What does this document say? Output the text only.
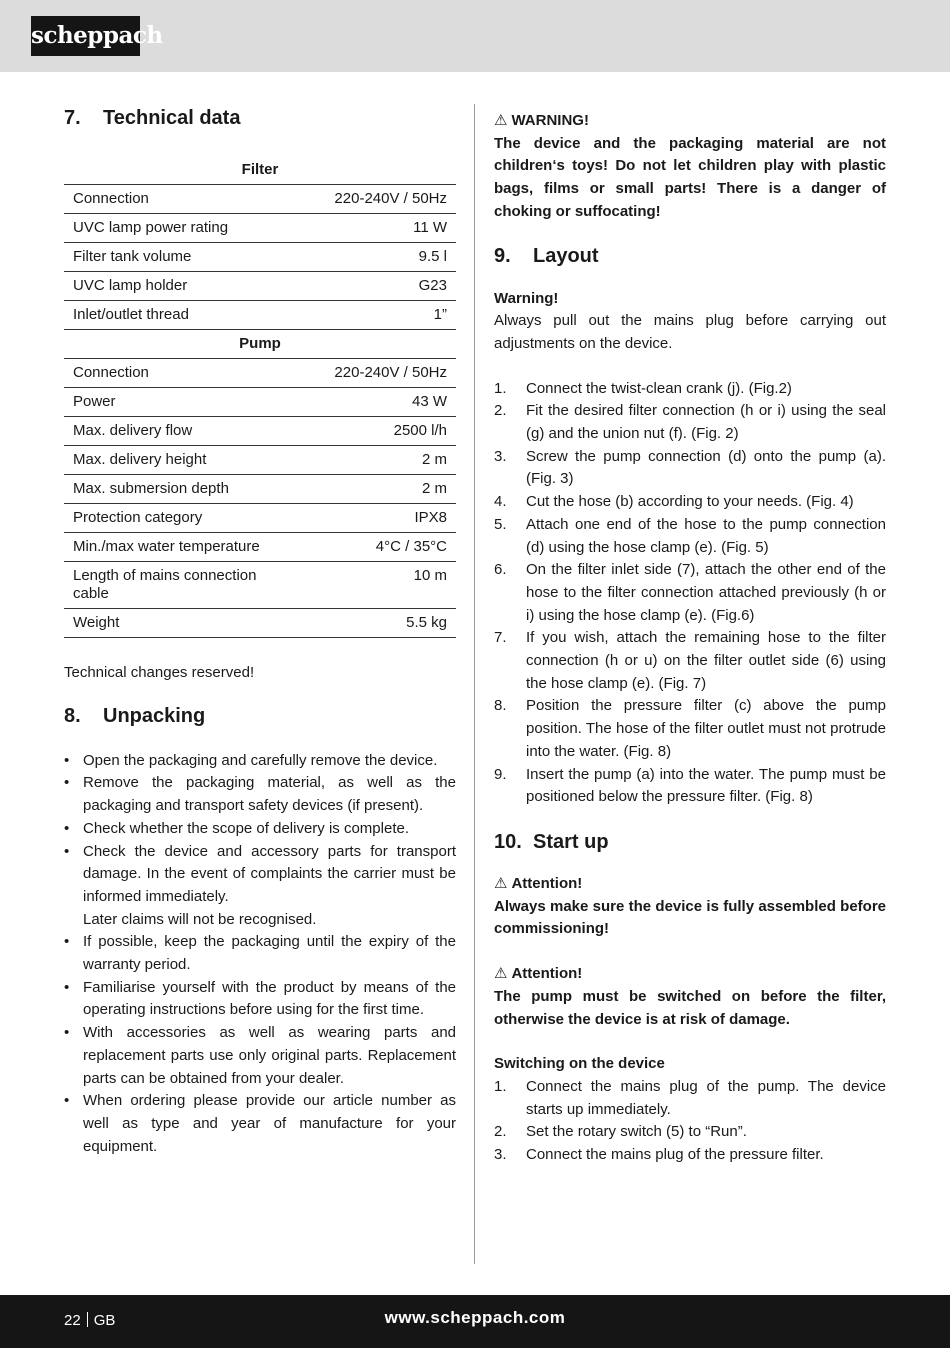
scheppach
7.	Technical data
Filter	
Connection	220-240V / 50Hz
UVC lamp power rating	11 W
Filter tank volume	9.5 l
UVC lamp holder	G23
Inlet/outlet thread	1”
Pump	
Connection	220-240V / 50Hz
Power	43 W
Max. delivery flow	2500 l/h
Max. delivery height	2 m
Max. submersion depth	2 m
Protection category	IPX8
Min./max water temperature	4°C / 35°C
Length of mains connection cable	10 m
Weight	5.5 kg

Technical changes reserved!

8.	Unpacking
• Open the packaging and carefully remove the device.
• Remove the packaging material, as well as the packaging and transport safety devices (if present).
• Check whether the scope of delivery is complete.
• Check the device and accessory parts for transport damage. In the event of complaints the carrier must be informed immediately.
Later claims will not be recognised.
• If possible, keep the packaging until the expiry of the warranty period.
• Familiarise yourself with the product by means of the operating instructions before using for the first time.
• With accessories as well as wearing parts and replacement parts use only original parts. Replacement parts can be obtained from your dealer.
• When ordering please provide our article number as well as type and year of manufacture for your equipment.
⚠ WARNING!

The device and the packaging material are not children‘s toys! Do not let children play with plastic bags, films or small parts! There is a danger of choking or suffocating!

9.	Layout

Warning!

Always pull out the mains plug before carrying out adjustments on the device.

1. Connect the twist-clean crank (j). (Fig.2)
2. Fit the desired filter connection (h or i) using the seal (g) and the union nut (f). (Fig. 2)
3. Screw the pump connection (d) onto the pump (a). (Fig. 3)
4. Cut the hose (b) according to your needs. (Fig. 4)
5. Attach one end of the hose to the pump connection (d) using the hose clamp (e). (Fig. 5)
6. On the filter inlet side (7), attach the other end of the hose to the filter connection attached previously (h or i) using the hose clamp (e). (Fig.6)
7. If you wish, attach the remaining hose to the filter connection (h or u) on the filter outlet side (6) using the hose clamp (e). (Fig. 7)
8. Position the pressure filter (c) above the pump position. The hose of the filter outlet must not protrude into the water. (Fig. 8)
9. Insert the pump (a) into the water. The pump must be positioned below the pressure filter. (Fig. 8)
10. Start up
⚠ Attention!

Always make sure the device is fully assembled before commissioning!

⚠ Attention!

The pump must be switched on before the filter, otherwise the device is at risk of damage.

Switching on the device

1. Connect the mains plug of the pump. The device starts up immediately.
2. Set the rotary switch (5) to “Run”.
3. Connect the mains plug of the pressure filter.
22 GB	www.scheppach.com
